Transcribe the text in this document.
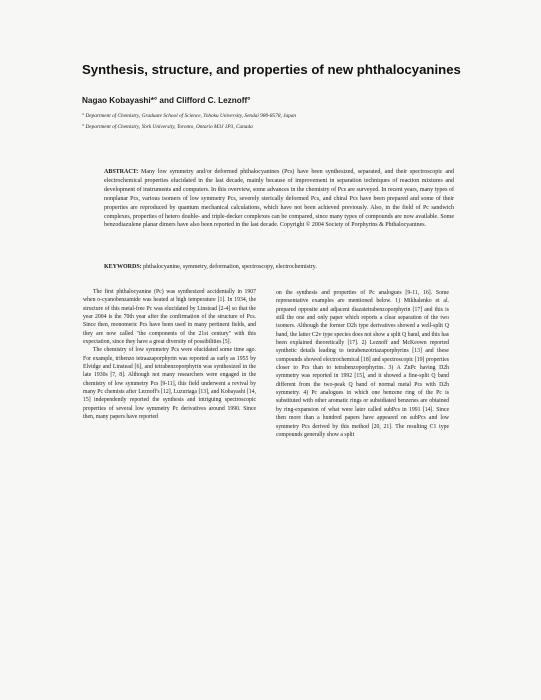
Synthesis, structure, and properties of new phthalocyanines
Nagao Kobayashi*° and Clifford C. Leznoff°
° Department of Chemistry, Graduate School of Science, Tohoku University, Sendai 980-8578, Japan
° Department of Chemistry, York University, Toronto, Ontario M3J 1P3, Canada
ABSTRACT: Many low symmetry and/or deformed phthalocyanines (Pcs) have been synthesized, separated, and their spectroscopic and electrochemical properties elucidated in the last decade, mainly because of improvement in separation techniques of reaction mixtures and development of instruments and computers. In this overview, some advances in the chemistry of Pcs are surveyed. In recent years, many types of nonplanar Pcs, various isomers of low symmetry Pcs, severely sterically deformed Pcs, and chiral Pcs have been prepared and some of their properties are reproduced by quantum mechanical calculations, which have not been achieved previously. Also, in the field of Pc sandwich complexes, properties of hetero double- and triple-decker complexes can be compared, since many types of compounds are now available. Some benzodiazulene planar dimers have also been reported in the last decade. Copyright © 2004 Society of Porphyrins & Phthalocyanines.
KEYWORDS: phthalocyanine, symmetry, deformation, spectroscopy, electrochemistry.

The first phthalocyanine (Pc) was synthesized accidentally in 1907 when o-cyanobenzamide was heated at high temperature [1]. In 1934, the structure of this metal-free Pc was elucidated by Linstead [2-4] so that the year 2004 is the 70th year after the confirmation of the structure of Pcs. Since then, monomeric Pcs have been used in many pertinent fields, and they are now called "the components of the 21st century" with this expectation, since they have a great diversity of possibilities [5].

The chemistry of low symmetry Pcs were elucidated some time ago. For example, tribenzo tetraazaporphyrin was reported as early as 1955 by Elvidge and Linstead [6], and tetrabenzoporphyrin was synthesized in the late 1930s [7, 8]. Although not many researchers were engaged in the chemistry of low symmetry Pcs [9-11], this field underwent a revival by many Pc chemists after Leznoff's [12], Luzuriaga [13], and Kobayashi [14, 15] independently reported the synthesis and intriguing spectroscopic properties of several low symmetry Pc derivatives around 1990. Since then, many papers have reported

on the synthesis and properties of Pc analogues [9-11, 16]. Some representative examples are mentioned below. 1) Mikhalenko et al. prepared opposite and adjacent diazatetrabenzoporphyrin [17] and this is still the one and only paper which reports a clear separation of the two isomers. Although the former D2h type derivatives showed a well-split Q band, the latter C2v type species does not show a split Q band, and this has been explained theoretically [17]. 2) Leznoff and McKeown reported synthetic details leading to tetrabenzotriazaporphyrins [13] and these compounds showed electrochemical [18] and spectroscopic [19] properties closer to Pcs than to tetrabenzoporphyrins. 3) A ZnPc having D2h symmetry was reported in 1992 [15], and it showed a fine-split Q band different from the two-peak Q band of normal metal Pcs with D2h symmetry. 4) Pc analogues in which one benzene ring of the Pc is substituted with other aromatic rings or subsidiated benzenes are obtained by ring-expansion of what were later called subPcs in 1991 [14]. Since then more than a hundred papers have appeared on subPcs and low symmetry Pcs derived by this method [20, 21]. The resulting C1 type compounds generally show a split
